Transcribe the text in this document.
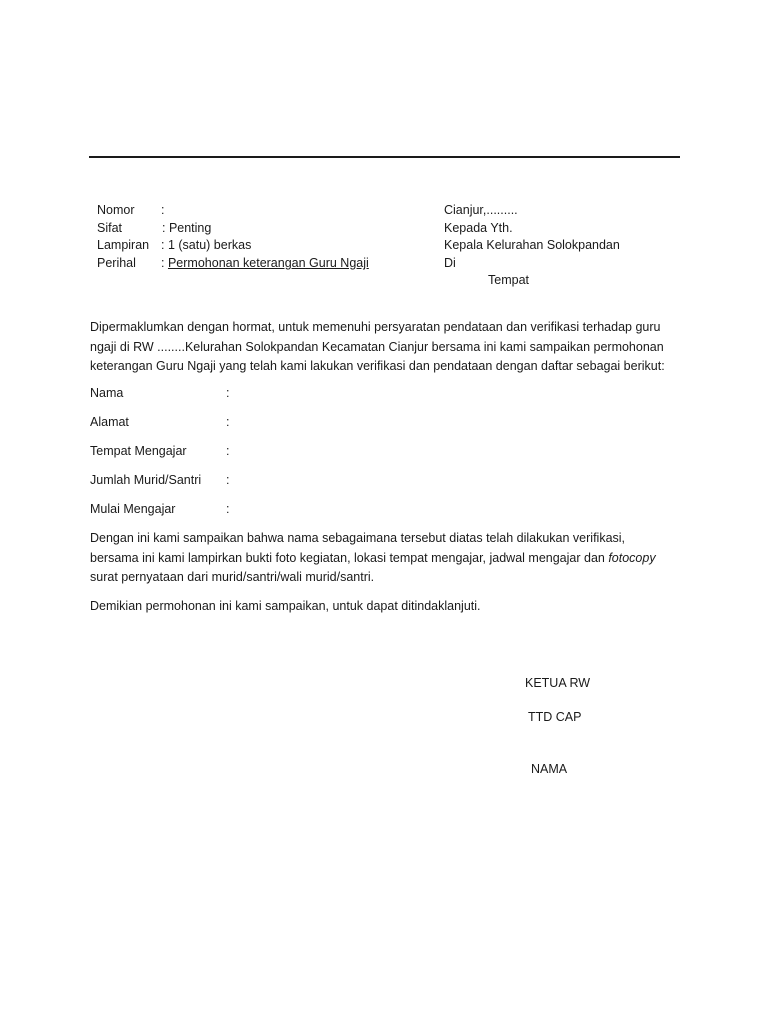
Nomor :
Sifat	: Penting
Lampiran : 1 (satu) berkas
Perihal : Permohonan keterangan Guru Ngaji
Cianjur,.........
Kepada Yth.
Kepala Kelurahan Solokpandan
Di
Tempat
Dipermaklumkan dengan hormat, untuk memenuhi persyaratan pendataan dan verifikasi terhadap guru
ngaji di RW ........Kelurahan Solokpandan Kecamatan Cianjur bersama ini kami sampaikan permohonan
keterangan Guru Ngaji yang telah kami lakukan verifikasi dan pendataan dengan daftar sebagai berikut:
Nama	:
Alamat	:
Tempat Mengajar	:
Jumlah Murid/Santri :
Mulai Mengajar	:
Dengan ini kami sampaikan bahwa nama sebagaimana tersebut diatas telah dilakukan verifikasi,
bersama ini kami lampirkan bukti foto kegiatan, lokasi tempat mengajar, jadwal mengajar dan fotocopy
surat pernyataan dari murid/santri/wali murid/santri.
Demikian permohonan ini kami sampaikan, untuk dapat ditindaklanjuti.
KETUA RW
TTD CAP
NAMA
